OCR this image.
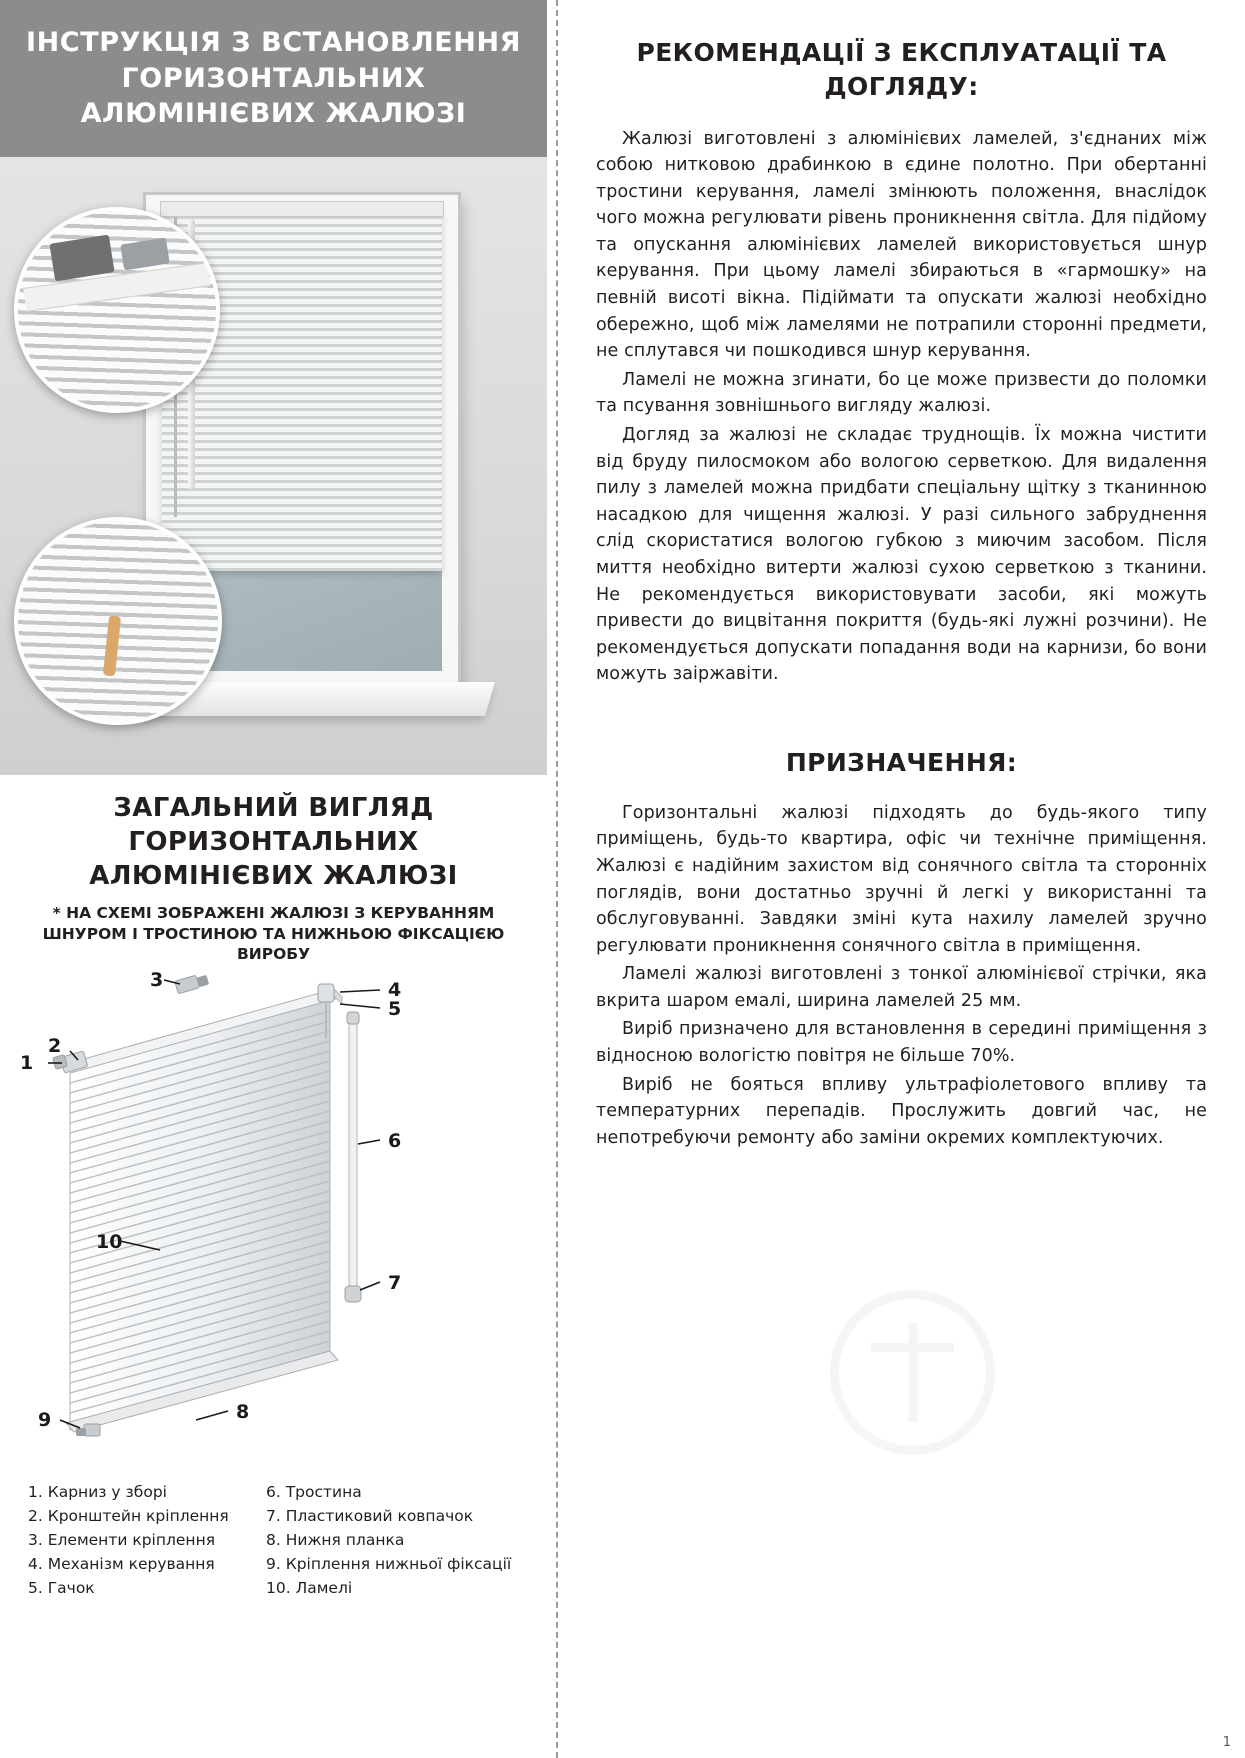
ІНСТРУКЦІЯ З ВСТАНОВЛЕННЯ ГОРИЗОНТАЛЬНИХ АЛЮМІНІЄВИХ ЖАЛЮЗІ
ЗАГАЛЬНИЙ ВИГЛЯД ГОРИЗОНТАЛЬНИХ АЛЮМІНІЄВИХ ЖАЛЮЗІ

* НА СХЕМІ ЗОБРАЖЕНІ ЖАЛЮЗІ З КЕРУВАННЯМ ШНУРОМ І ТРОСТИНОЮ ТА НИЖНЬОЮ ФІКСАЦІЄЮ ВИРОБУ

1
2
3	4
5
6
7
10
8
9
1. Карниз у зборі	6. Тростина
2. Кронштейн кріплення	7. Пластиковий ковпачок
3. Елементи кріплення	8. Нижня планка
4. Механізм керування	9. Кріплення нижньої фіксації
5. Гачок	10. Ламелі
РЕКОМЕНДАЦІЇ З ЕКСПЛУАТАЦІЇ ТА ДОГЛЯДУ:

Жалюзі виготовлені з алюмінієвих ламелей, з'єднаних між собою нитковою драбинкою в єдине полотно. При обертанні тростини керування, ламелі змінюють положення, внаслідок чого можна регулювати рівень проникнення світла. Для підйому та опускання алюмінієвих ламелей використовується шнур керування. При цьому ламелі збираються в «гармошку» на певній висоті вікна. Підіймати та опускати жалюзі необхідно обережно, щоб між ламелями не потрапили сторонні предмети, не сплутався чи пошкодився шнур керування.

Ламелі не можна згинати, бо це може призвести до поломки та псування зовнішнього вигляду жалюзі.

Догляд за жалюзі не складає труднощів. Їх можна чистити від бруду пилосмоком або вологою серветкою. Для видалення пилу з ламелей можна придбати спеціальну щітку з тканинною насадкою для чищення жалюзі. У разі сильного забруднення слід скористатися вологою губкою з миючим засобом. Після миття необхідно витерти жалюзі сухою серветкою з тканини. Не рекомендується використовувати засоби, які можуть привести до вицвітання покриття (будь-які лужні розчини). Не рекомендується допускати попадання води на карнизи, бо вони можуть заіржавіти.

ПРИЗНАЧЕННЯ:

Горизонтальні жалюзі підходять до будь-якого типу приміщень, будь-то квартира, офіс чи технічне приміщення. Жалюзі є надійним захистом від сонячного світла та сторонніх поглядів, вони достатньо зручні й легкі у використанні та обслуговуванні. Завдяки зміні кута нахилу ламелей зручно регулювати проникнення сонячного світла в приміщення.

Ламелі жалюзі виготовлені з тонкої алюмінієвої стрічки, яка вкрита шаром емалі, ширина ламелей 25 мм.

Виріб призначено для встановлення в середині приміщення з відносною вологістю повітря не більше 70%.

Виріб не бояться впливу ультрафіолетового впливу та температурних перепадів. Прослужить довгий час, не непотребуючи ремонту або заміни окремих комплектуючих.

1
